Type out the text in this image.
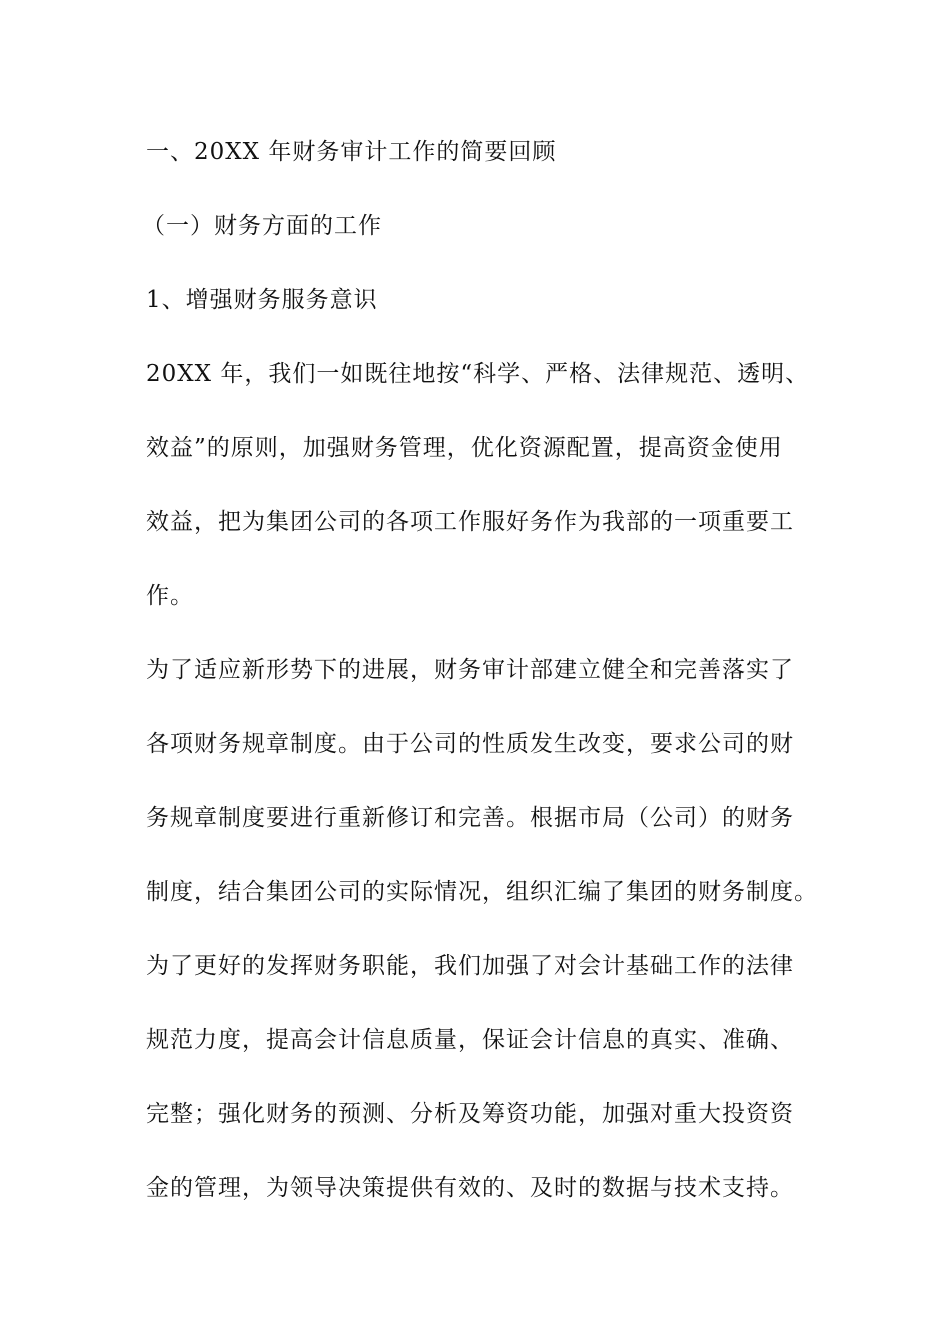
一、20XX 年财务审计工作的简要回顾
（一）财务方面的工作
1、增强财务服务意识
20XX 年，我们一如既往地按“科学、严格、法律规范、透明、
效益”的原则，加强财务管理，优化资源配置，提高资金使用
效益，把为集团公司的各项工作服好务作为我部的一项重要工
作。
为了适应新形势下的进展，财务审计部建立健全和完善落实了
各项财务规章制度。由于公司的性质发生改变，要求公司的财
务规章制度要进行重新修订和完善。根据市局（公司）的财务
制度，结合集团公司的实际情况，组织汇编了集团的财务制度。
为了更好的发挥财务职能，我们加强了对会计基础工作的法律
规范力度，提高会计信息质量，保证会计信息的真实、准确、
完整；强化财务的预测、分析及筹资功能，加强对重大投资资
金的管理，为领导决策提供有效的、及时的数据与技术支持。
